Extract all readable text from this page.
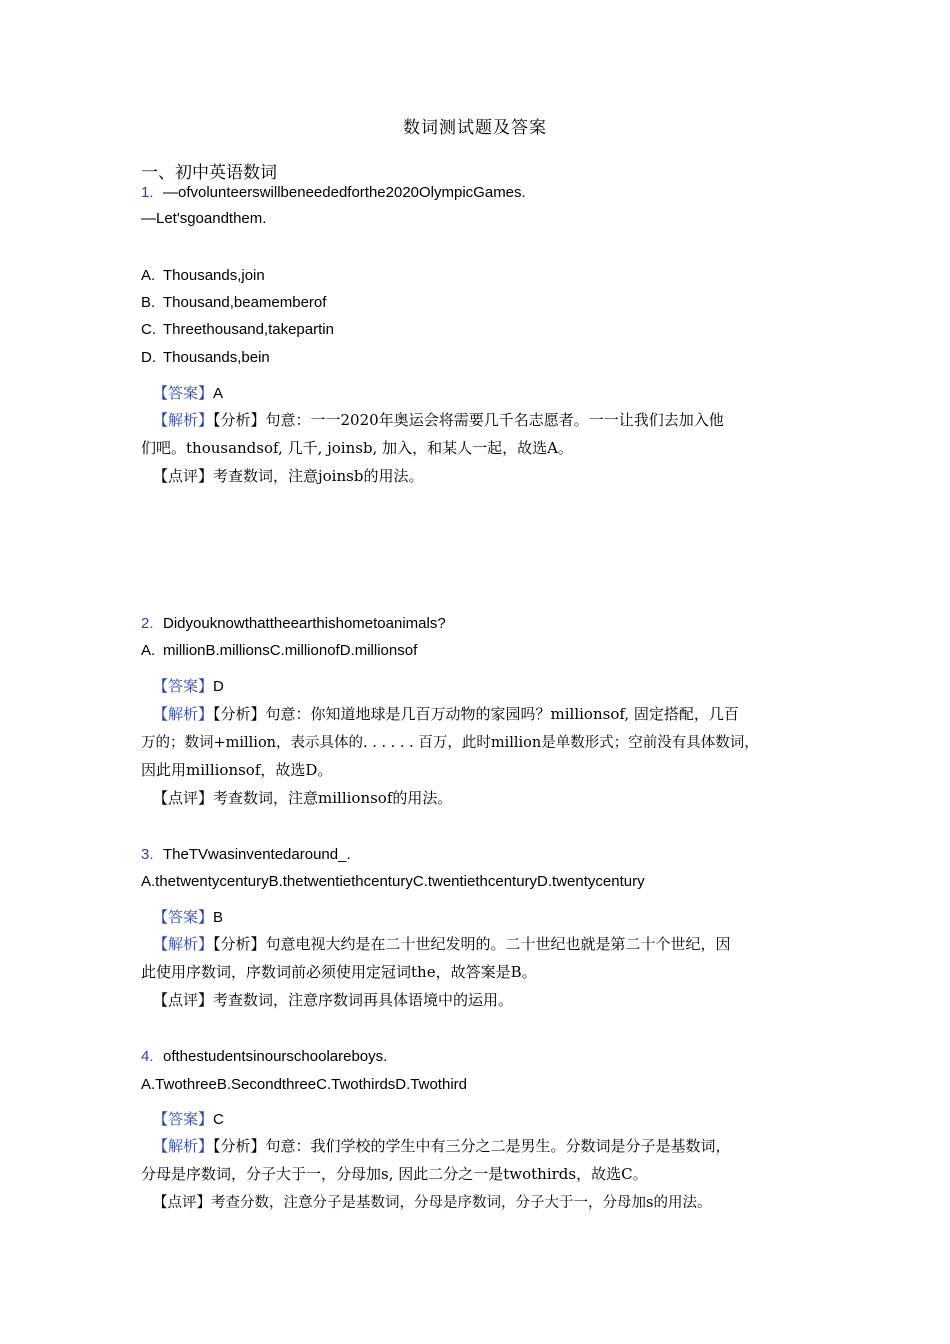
数词测试题及答案
一、初中英语数词
1. —ofvolunteerswillbeneededforthe2020OlympicGames.
—Let'sgoandthem.
A. Thousands,join
B. Thousand,beamemberof
C. Threethousand,takepartin
D. Thousands,bein
【答案】A
【解析】【分析】句意：一一2020年奥运会将需要几千名志愿者。一一让我们去加入他
们吧。thousandsof, 几千, joinsb, 加入，和某人一起，故选A。
【点评】考查数词，注意joinsb的用法。
2. Didyouknowthattheearthishometoanimals?
A. millionB.millionsC.millionofD.millionsof
【答案】D
【解析】【分析】句意：你知道地球是几百万动物的家园吗？millionsof, 固定搭配，几百
万的；数词+million，表示具体的. . . . . . 百万，此时million是单数形式；空前没有具体数词，
因此用millionsof，故选D。
【点评】考查数词，注意millionsof的用法。
3. TheTVwasinventedaround_.
A.thetwentycenturyB.thetwentiethcenturyC.twentiethcenturyD.twentycentury
【答案】B
【解析】【分析】句意电视大约是在二十世纪发明的。二十世纪也就是第二十个世纪，因
此使用序数词，序数词前必须使用定冠词the，故答案是B。
【点评】考查数词，注意序数词再具体语境中的运用。
4. ofthestudentsinourschoolareboys.
A.TwothreeB.SecondthreeC.TwothirdsD.Twothird
【答案】C
【解析】【分析】句意：我们学校的学生中有三分之二是男生。分数词是分子是基数词，
分母是序数词，分子大于一，分母加s, 因此二分之一是twothirds，故选C。
【点评】考查分数，注意分子是基数词，分母是序数词，分子大于一，分母加s的用法。
